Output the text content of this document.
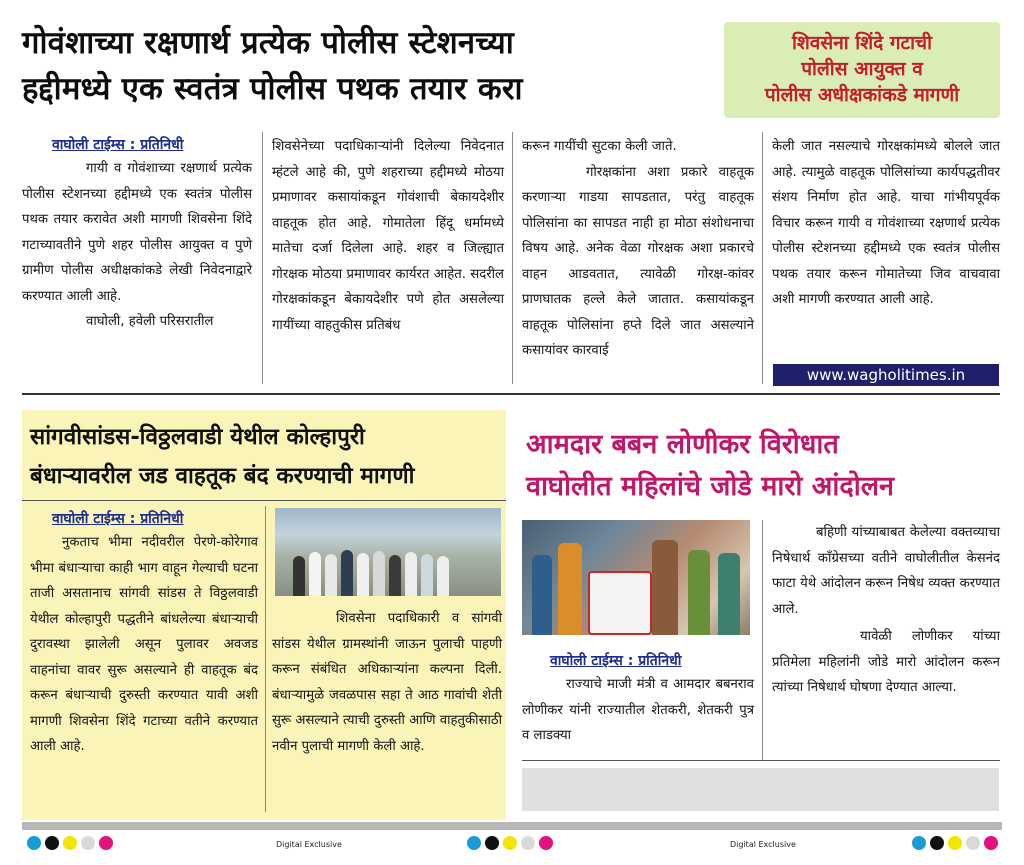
गोवंशाच्या रक्षणार्थ प्रत्येक पोलीस स्टेशनच्या
हद्दीमध्ये एक स्वतंत्र पोलीस पथक तयार करा
शिवसेना शिंदे गटाची
पोलीस आयुक्त व
पोलीस अधीक्षकांकडे मागणी
वाघोली टाईम्स : प्रतिनिधी

गायी व गोवंशाच्या रक्षणार्थ प्रत्येक पोलीस स्टेशनच्या हद्दीमध्ये एक स्वतंत्र पोलीस पथक तयार करावेत अशी मागणी शिवसेना शिंदे गटाच्यावतीने पुणे शहर पोलीस आयुक्त व पुणे ग्रामीण पोलीस अधीक्षकांकडे लेखी निवेदनाद्वारे करण्यात आली आहे.

वाघोली, हवेली परिसरातील

शिवसेनेच्या पदाधिकाऱ्यांनी दिलेल्या निवेदनात म्हंटले आहे की, पुणे शहराच्या हद्दीमध्ये मोठया प्रमाणावर कसायांकडून गोवंशाची बेकायदेशीर वाहतूक होत आहे. गोमातेला हिंदू धर्मामध्ये मातेचा दर्जा दिलेला आहे. शहर व जिल्ह्यात गोरक्षक मोठया प्रमाणावर कार्यरत आहेत. सदरील गोरक्षकांकडून बेकायदेशीर पणे होत असलेल्या गायींच्या वाहतुकीस प्रतिबंध

करून गायींची सुटका केली जाते.

गोरक्षकांना अशा प्रकारे वाहतूक करणाऱ्या गाडया सापडतात, परंतु वाहतूक पोलिसांना का सापडत नाही हा मोठा संशोधनाचा विषय आहे. अनेक वेळा गोरक्षक अशा प्रकारचे वाहन आडवतात, त्यावेळी गोरक्ष-कांवर प्राणघातक हल्ले केले जातात. कसायांकडून वाहतूक पोलिसांना हप्ते दिले जात असल्याने कसायांवर कारवाई

केली जात नसल्याचे गोरक्षकांमध्ये बोलले जात आहे. त्यामुळे वाहतूक पोलिसांच्या कार्यपद्धतीवर संशय निर्माण होत आहे. याचा गांभीयपूर्वक विचार करून गायी व गोवंशाच्या रक्षणार्थ प्रत्येक पोलीस स्टेशनच्या हद्दीमध्ये एक स्वतंत्र पोलीस पथक तयार करून गोमातेच्या जिव वाचवावा अशी मागणी करण्यात आली आहे.

www.wagholitimes.in
सांगवीसांडस-विठ्ठलवाडी येथील कोल्हापुरी
बंधाऱ्यावरील जड वाहतूक बंद करण्याची मागणी
वाघोली टाईम्स : प्रतिनिधी

नुकताच भीमा नदीवरील पेरणे-कोरेगाव भीमा बंधाऱ्याचा काही भाग वाहून गेल्याची घटना ताजी असतानाच सांगवी सांडस ते विठ्ठलवाडी येथील कोल्हापुरी पद्धतीने बांधलेल्या बंधाऱ्याची दुरावस्था झालेली असून पुलावर अवजड वाहनांचा वावर सुरू असल्याने ही वाहतूक बंद करून बंधाऱ्याची दुरुस्ती करण्यात यावी अशी मागणी शिवसेना शिंदे गटाच्या वतीने करण्यात आली आहे.

शिवसेना पदाधिकारी व सांगवी सांडस येथील ग्रामस्थांनी जाऊन पुलाची पाहणी करून संबंधित अधिकाऱ्यांना कल्पना दिली. बंधाऱ्यामुळे जवळपास सहा ते आठ गावांची शेती सुरू असल्याने त्याची दुरुस्ती आणि वाहतुकीसाठी नवीन पुलाची मागणी केली आहे.

आमदार बबन लोणीकर विरोधात
वाघोलीत महिलांचे जोडे मारो आंदोलन
वाघोली टाईम्स : प्रतिनिधी

राज्याचे माजी मंत्री व आमदार बबनराव लोणीकर यांनी राज्यातील शेतकरी, शेतकरी पुत्र व लाडक्या

बहिणी यांच्याबाबत केलेल्या वक्तव्याचा निषेधार्थ काँग्रेसच्या वतीने वाघोलीतील केसनंद फाटा येथे आंदोलन करून निषेध व्यक्त करण्यात आले.

यावेळी लोणीकर यांच्या प्रतिमेला महिलांनी जोडे मारो आंदोलन करून त्यांच्या निषेधार्थ घोषणा देण्यात आल्या.

Digital Exclusive	Digital Exclusive
